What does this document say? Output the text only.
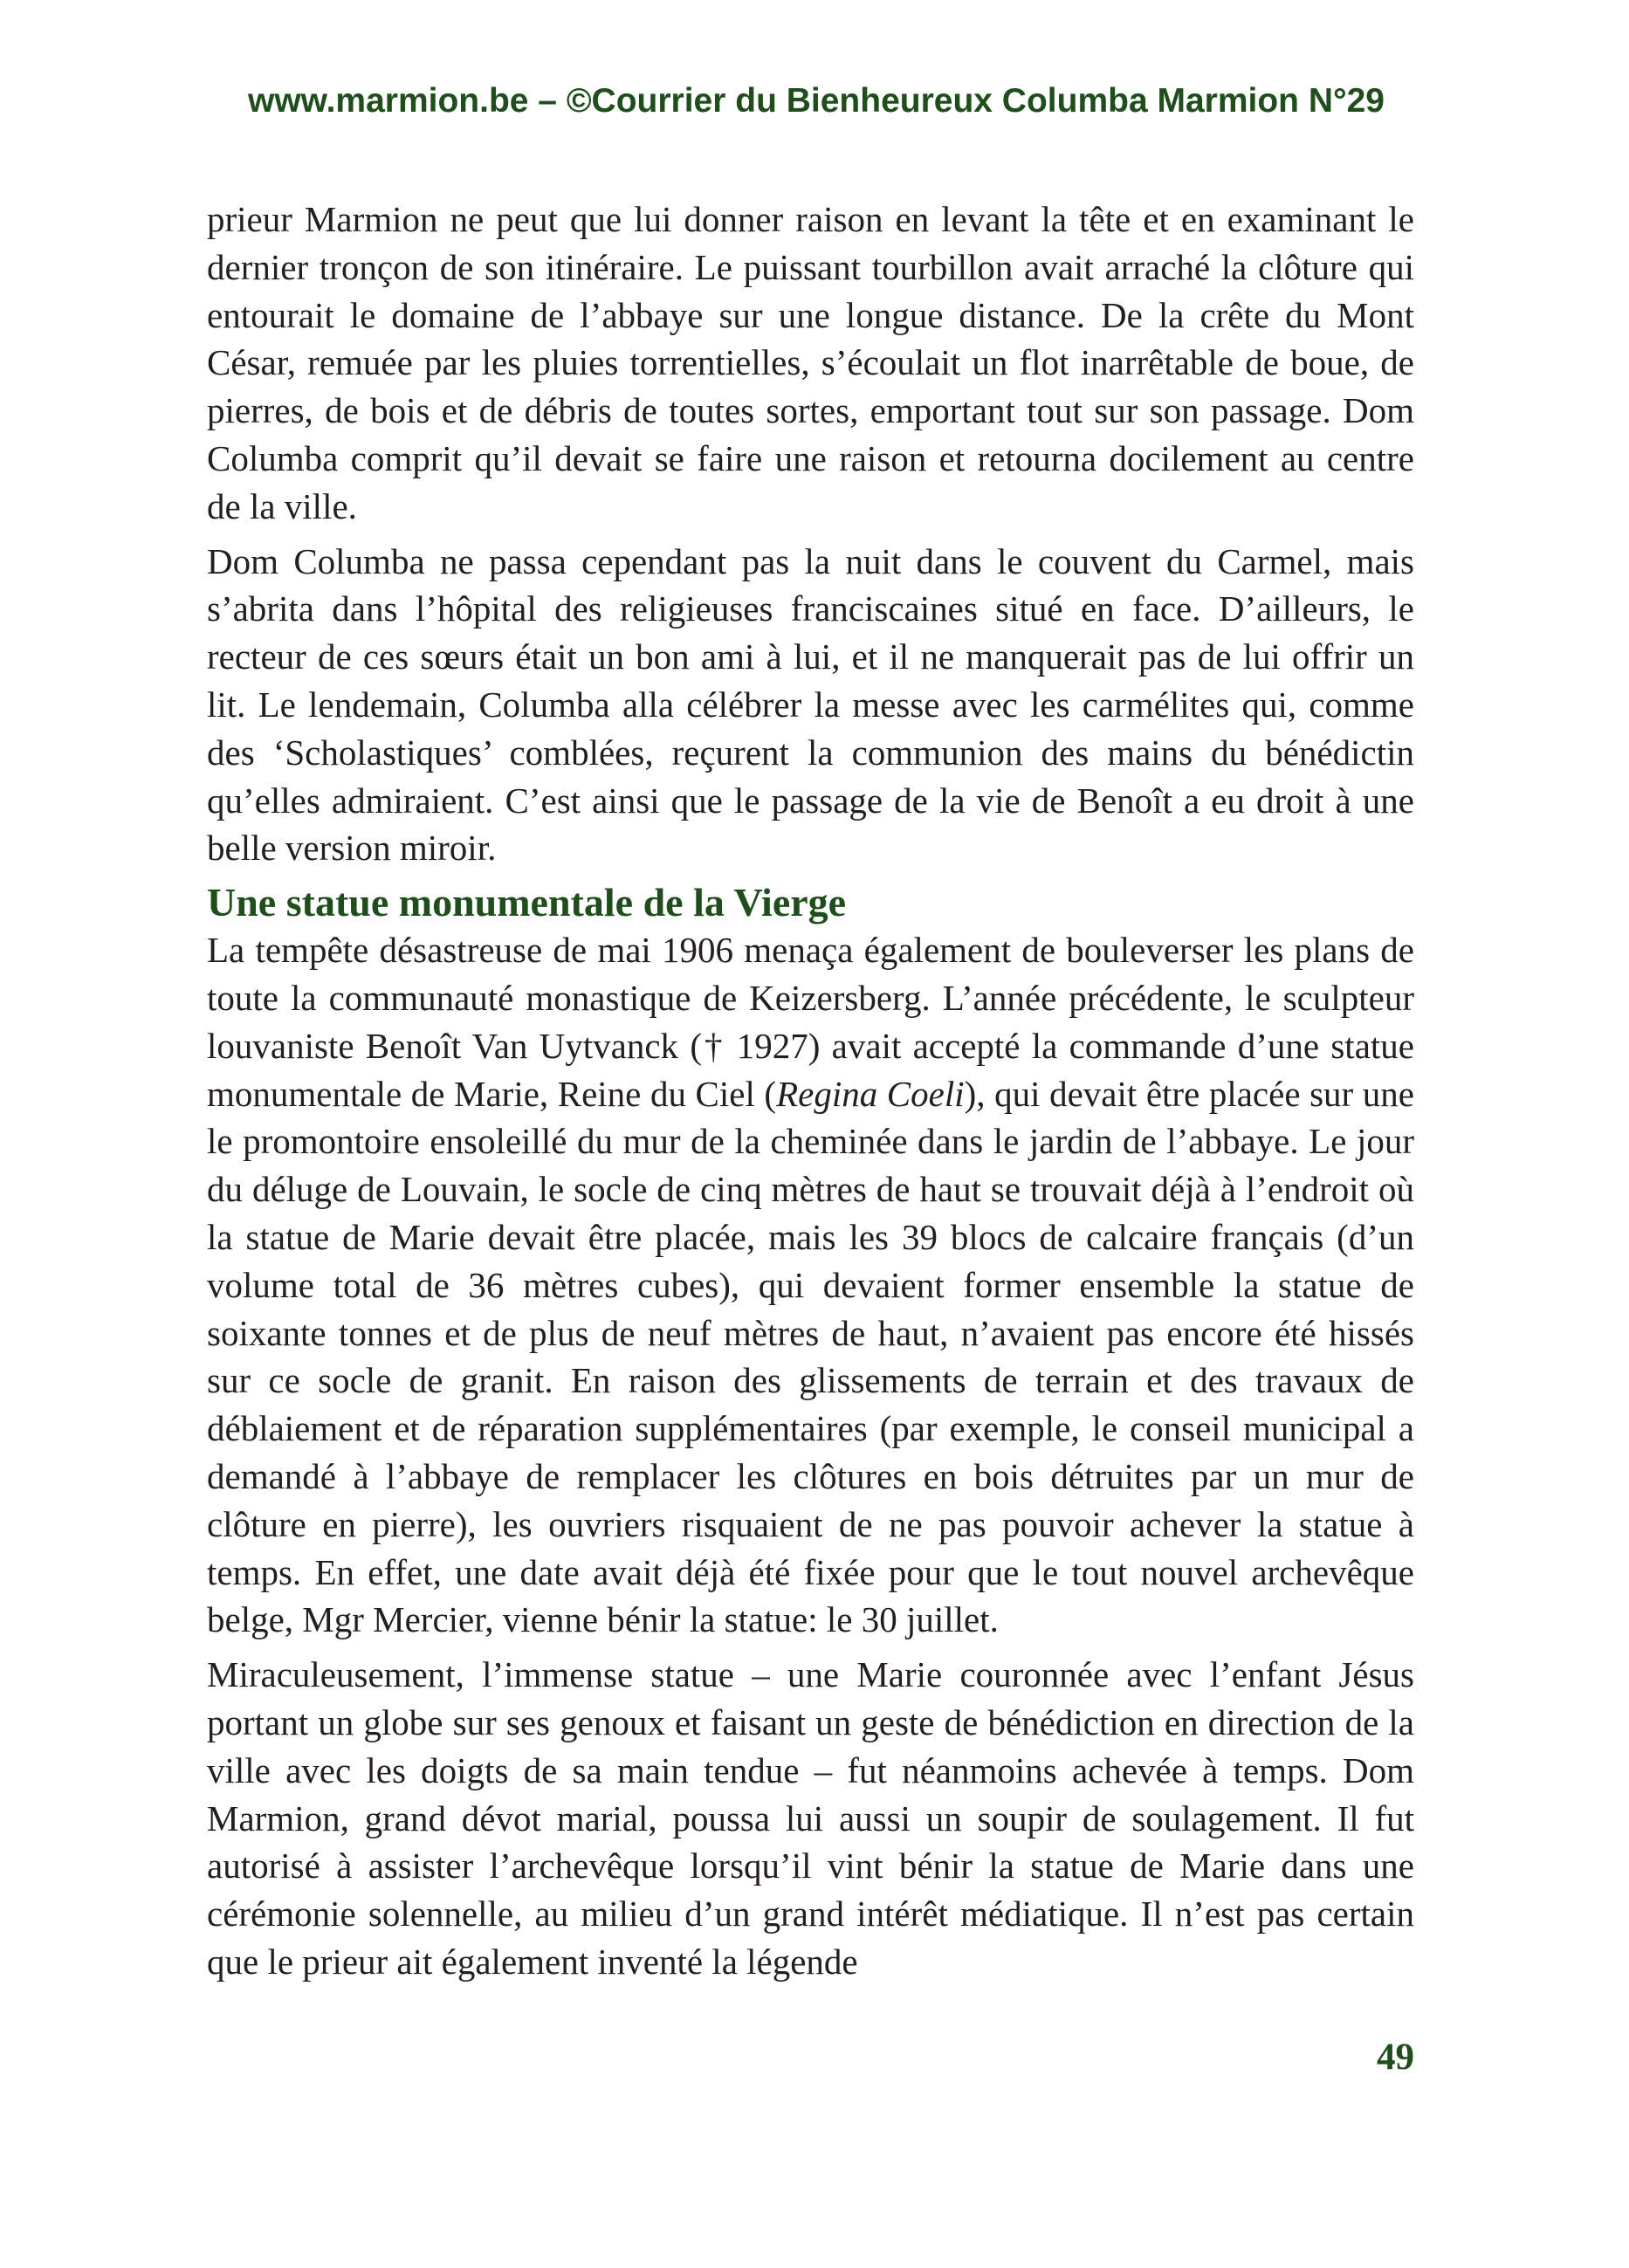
www.marmion.be – ©Courrier du Bienheureux Columba Marmion N°29

prieur Marmion ne peut que lui donner raison en levant la tête et en examinant le dernier tronçon de son itinéraire. Le puissant tourbillon avait arraché la clôture qui entourait le domaine de l’abbaye sur une longue distance. De la crête du Mont César, remuée par les pluies torrentielles, s’écoulait un flot inarrêtable de boue, de pierres, de bois et de débris de toutes sortes, emportant tout sur son passage. Dom Columba comprit qu’il devait se faire une raison et retourna docilement au centre de la ville.

Dom Columba ne passa cependant pas la nuit dans le couvent du Carmel, mais s’abrita dans l’hôpital des religieuses franciscaines situé en face. D’ailleurs, le recteur de ces sœurs était un bon ami à lui, et il ne manquerait pas de lui offrir un lit. Le lendemain, Columba alla célébrer la messe avec les carmélites qui, comme des ‘Scholastiques’ comblées, reçurent la communion des mains du bénédictin qu’elles admiraient. C’est ainsi que le passage de la vie de Benoît a eu droit à une belle version miroir.

Une statue monumentale de la Vierge

La tempête désastreuse de mai 1906 menaça également de bouleverser les plans de toute la communauté monastique de Keizersberg. L’année précédente, le sculpteur louvaniste Benoît Van Uytvanck († 1927) avait accepté la commande d’une statue monumentale de Marie, Reine du Ciel (Regina Coeli), qui devait être placée sur une le promontoire ensoleillé du mur de la cheminée dans le jardin de l’abbaye. Le jour du déluge de Louvain, le socle de cinq mètres de haut se trouvait déjà à l’endroit où la statue de Marie devait être placée, mais les 39 blocs de calcaire français (d’un volume total de 36 mètres cubes), qui devaient former ensemble la statue de soixante tonnes et de plus de neuf mètres de haut, n’avaient pas encore été hissés sur ce socle de granit. En raison des glissements de terrain et des travaux de déblaiement et de réparation supplémentaires (par exemple, le conseil municipal a demandé à l’abbaye de remplacer les clôtures en bois détruites par un mur de clôture en pierre), les ouvriers risquaient de ne pas pouvoir achever la statue à temps. En effet, une date avait déjà été fixée pour que le tout nouvel archevêque belge, Mgr Mercier, vienne bénir la statue: le 30 juillet.

Miraculeusement, l’immense statue – une Marie couronnée avec l’enfant Jésus portant un globe sur ses genoux et faisant un geste de bénédiction en direction de la ville avec les doigts de sa main tendue – fut néanmoins achevée à temps. Dom Marmion, grand dévot marial, poussa lui aussi un soupir de soulagement. Il fut autorisé à assister l’archevêque lorsqu’il vint bénir la statue de Marie dans une cérémonie solennelle, au milieu d’un grand intérêt médiatique. Il n’est pas certain que le prieur ait également inventé la légende

49
